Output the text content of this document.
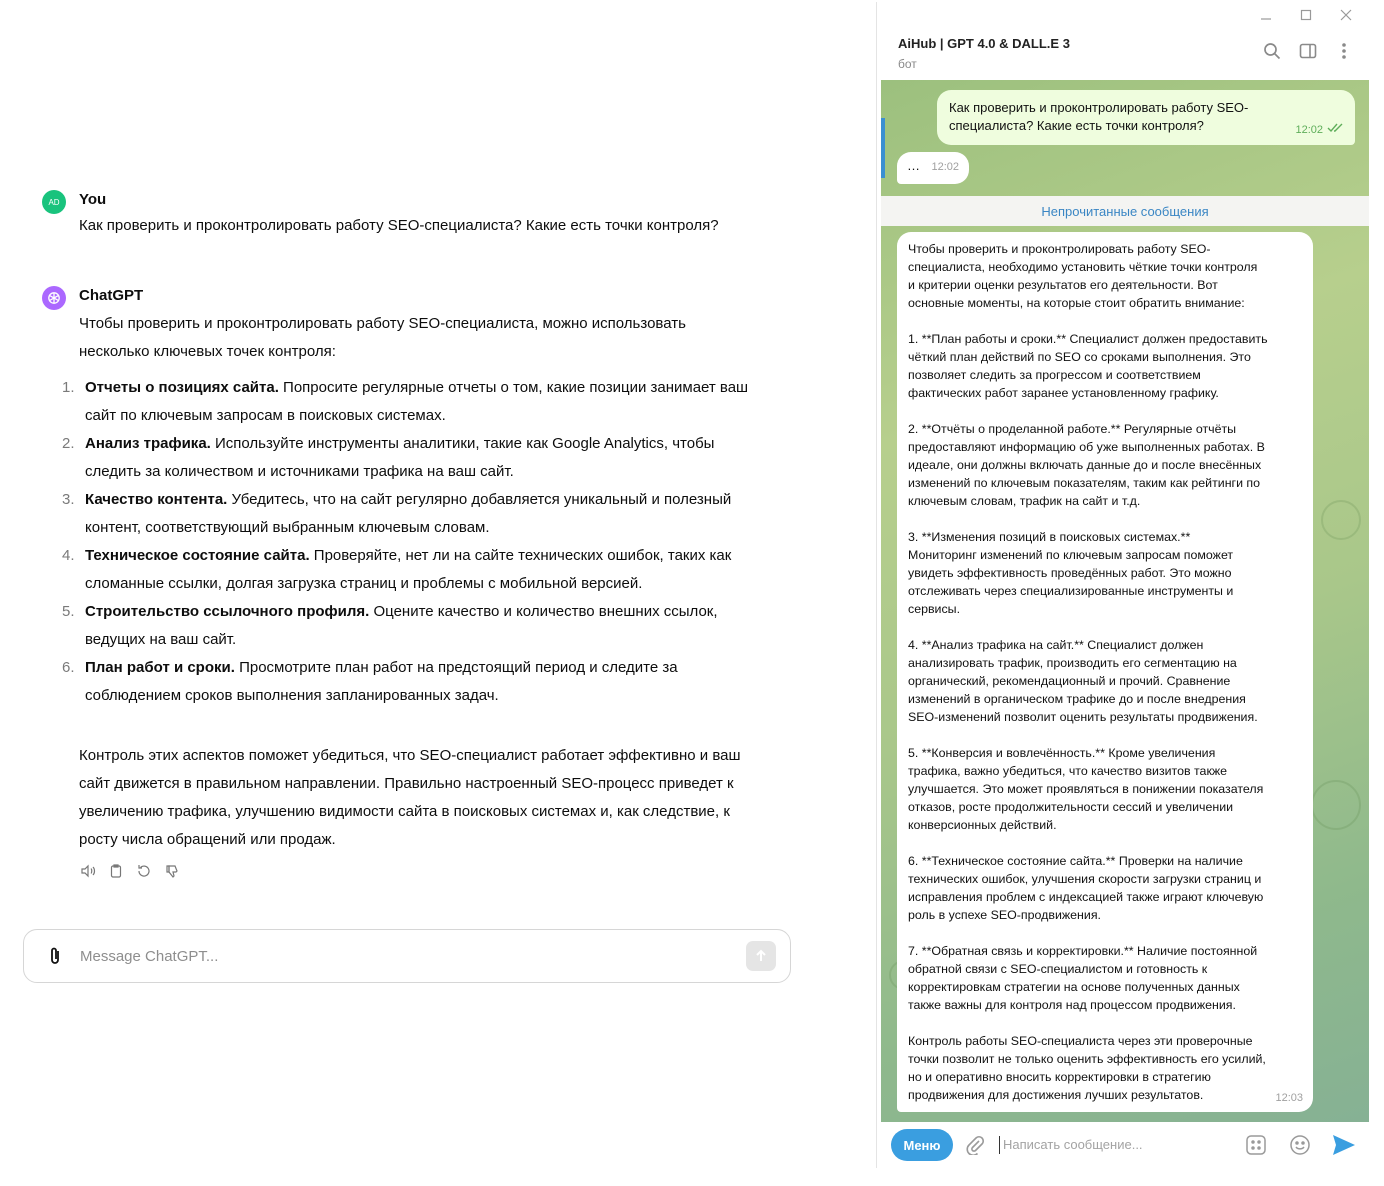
AD	You
Как проверить и проконтролировать работу SEO-специалиста? Какие есть точки контроля?
ChatGPT
Чтобы проверить и проконтролировать работу SEO-специалиста, можно использовать
несколько ключевых точек контроля:
1. Отчеты о позициях сайта. Попросите регулярные отчеты о том, какие позиции занимает ваш
сайт по ключевым запросам в поисковых системах.
2. Анализ трафика. Используйте инструменты аналитики, такие как Google Analytics, чтобы
следить за количеством и источниками трафика на ваш сайт.
3. Качество контента. Убедитесь, что на сайт регулярно добавляется уникальный и полезный
контент, соответствующий выбранным ключевым словам.
4. Техническое состояние сайта. Проверяйте, нет ли на сайте технических ошибок, таких как
сломанные ссылки, долгая загрузка страниц и проблемы с мобильной версией.
5. Строительство ссылочного профиля. Оцените качество и количество внешних ссылок,
ведущих на ваш сайт.
6. План работ и сроки. Просмотрите план работ на предстоящий период и следите за
соблюдением сроков выполнения запланированных задач.
Контроль этих аспектов поможет убедиться, что SEO-специалист работает эффективно и ваш
сайт движется в правильном направлении. Правильно настроенный SEO-процесс приведет к
увеличению трафика, улучшению видимости сайта в поисковых системах и, как следствие, к
росту числа обращений или продаж.
Message ChatGPT...
AiHub | GPT 4.0 & DALL.E 3
бот
Как проверить и проконтролировать работу SEO-
специалиста? Какие есть точки контроля?	12:02
… 12:02
Непрочитанные сообщения

Чтобы проверить и проконтролировать работу SEO-
специалиста, необходимо установить чёткие точки контроля
и критерии оценки результатов его деятельности. Вот
основные моменты, на которые стоит обратить внимание:

1. **План работы и сроки.** Специалист должен предоставить
чёткий план действий по SEO со сроками выполнения. Это
позволяет следить за прогрессом и соответствием
фактических работ заранее установленному графику.

2. **Отчёты о проделанной работе.** Регулярные отчёты
предоставляют информацию об уже выполненных работах. В
идеале, они должны включать данные до и после внесённых
изменений по ключевым показателям, таким как рейтинги по
ключевым словам, трафик на сайт и т.д.

3. **Изменения позиций в поисковых системах.**
Мониторинг изменений по ключевым запросам поможет
увидеть эффективность проведённых работ. Это можно
отслеживать через специализированные инструменты и
сервисы.

4. **Анализ трафика на сайт.** Специалист должен
анализировать трафик, производить его сегментацию на
органический, рекомендационный и прочий. Сравнение
изменений в органическом трафике до и после внедрения
SEO-изменений позволит оценить результаты продвижения.

5. **Конверсия и вовлечённость.** Кроме увеличения
трафика, важно убедиться, что качество визитов также
улучшается. Это может проявляться в понижении показателя
отказов, росте продолжительности сессий и увеличении
конверсионных действий.

6. **Техническое состояние сайта.** Проверки на наличие
технических ошибок, улучшения скорости загрузки страниц и
исправления проблем с индексацией также играют ключевую
роль в успехе SEO-продвижения.

7. **Обратная связь и корректировки.** Наличие постоянной
обратной связи с SEO-специалистом и готовность к
корректировкам стратегии на основе полученных данных
также важны для контроля над процессом продвижения.

Контроль работы SEO-специалиста через эти проверочные
точки позволит не только оценить эффективность его усилий,
но и оперативно вносить корректировки в стратегию
продвижения для достижения лучших результатов.	12:03
Меню	Написать сообщение...
